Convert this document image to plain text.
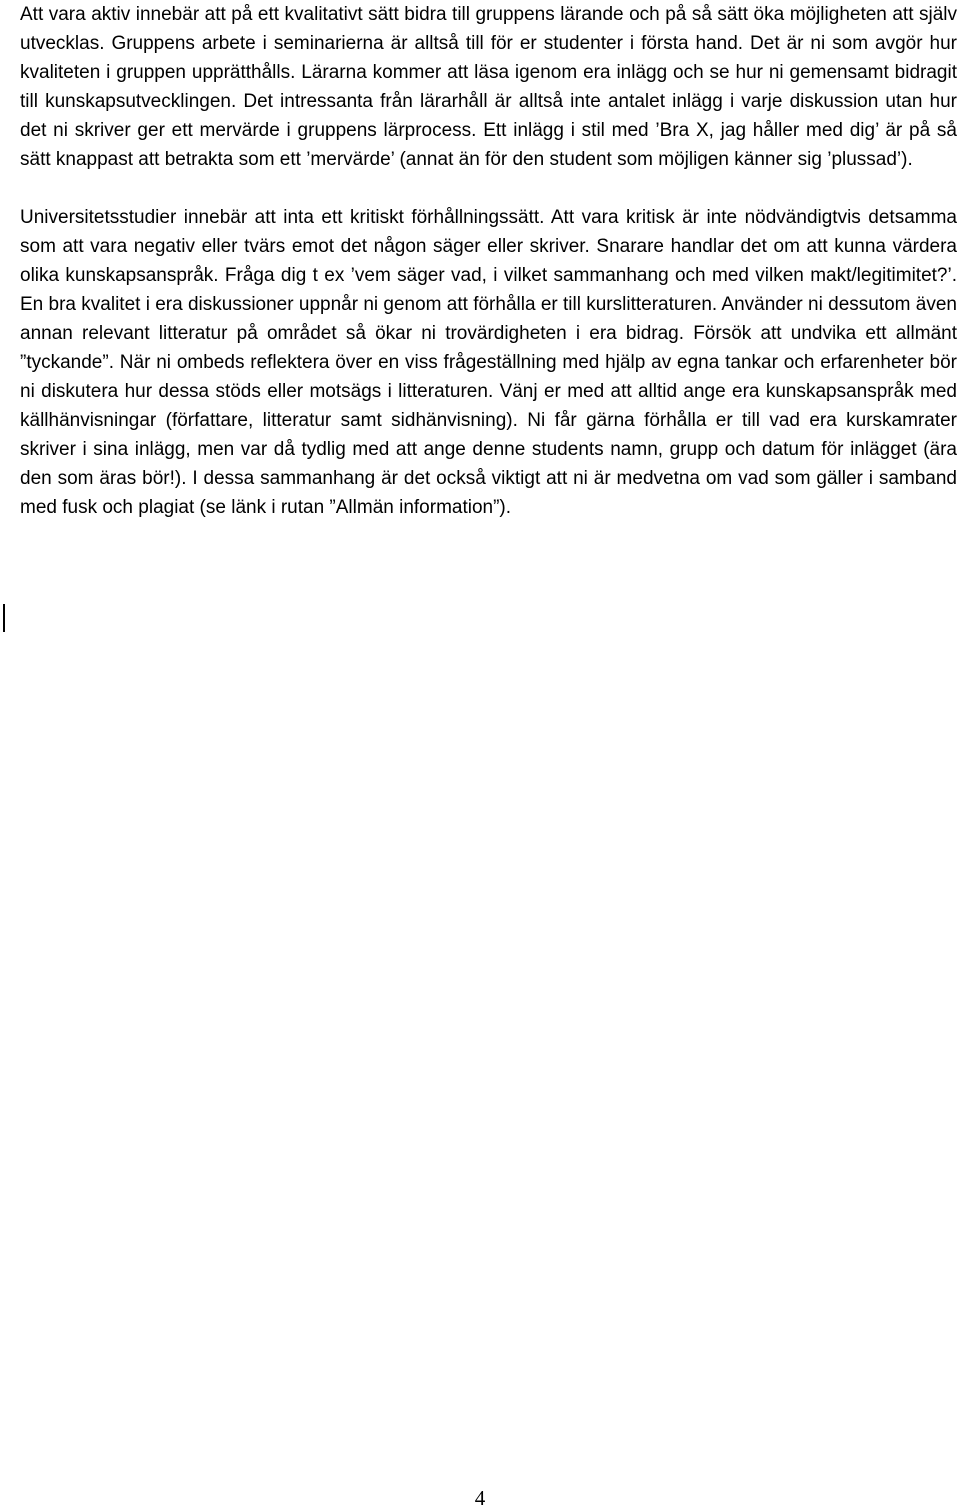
Att vara aktiv innebär att på ett kvalitativt sätt bidra till gruppens lärande och på så sätt öka möjligheten att själv utvecklas. Gruppens arbete i seminarierna är alltså till för er studenter i första hand. Det är ni som avgör hur kvaliteten i gruppen upprätthålls. Lärarna kommer att läsa igenom era inlägg och se hur ni gemensamt bidragit till kunskapsutvecklingen. Det intressanta från lärarhåll är alltså inte antalet inlägg i varje diskussion utan hur det ni skriver ger ett mervärde i gruppens lärprocess. Ett inlägg i stil med ’Bra X, jag håller med dig’ är på så sätt knappast att betrakta som ett ’mervärde’ (annat än för den student som möjligen känner sig ’plussad’).

Universitetsstudier innebär att inta ett kritiskt förhållningssätt. Att vara kritisk är inte nödvändigtvis detsamma som att vara negativ eller tvärs emot det någon säger eller skriver. Snarare handlar det om att kunna värdera olika kunskapsanspråk. Fråga dig t ex ’vem säger vad, i vilket sammanhang och med vilken makt/legitimitet?’. En bra kvalitet i era diskussioner uppnår ni genom att förhålla er till kurslitteraturen. Använder ni dessutom även annan relevant litteratur på området så ökar ni trovärdigheten i era bidrag. Försök att undvika ett allmänt ”tyckande”. När ni ombeds reflektera över en viss frågeställning med hjälp av egna tankar och erfarenheter bör ni diskutera hur dessa stöds eller motsägs i litteraturen. Vänj er med att alltid ange era kunskapsanspråk med källhänvisningar (författare, litteratur samt sidhänvisning). Ni får gärna förhålla er till vad era kurskamrater skriver i sina inlägg, men var då tydlig med att ange denne students namn, grupp och datum för inlägget (ära den som äras bör!). I dessa sammanhang är det också viktigt att ni är medvetna om vad som gäller i samband med fusk och plagiat (se länk i rutan ”Allmän information”).

4
